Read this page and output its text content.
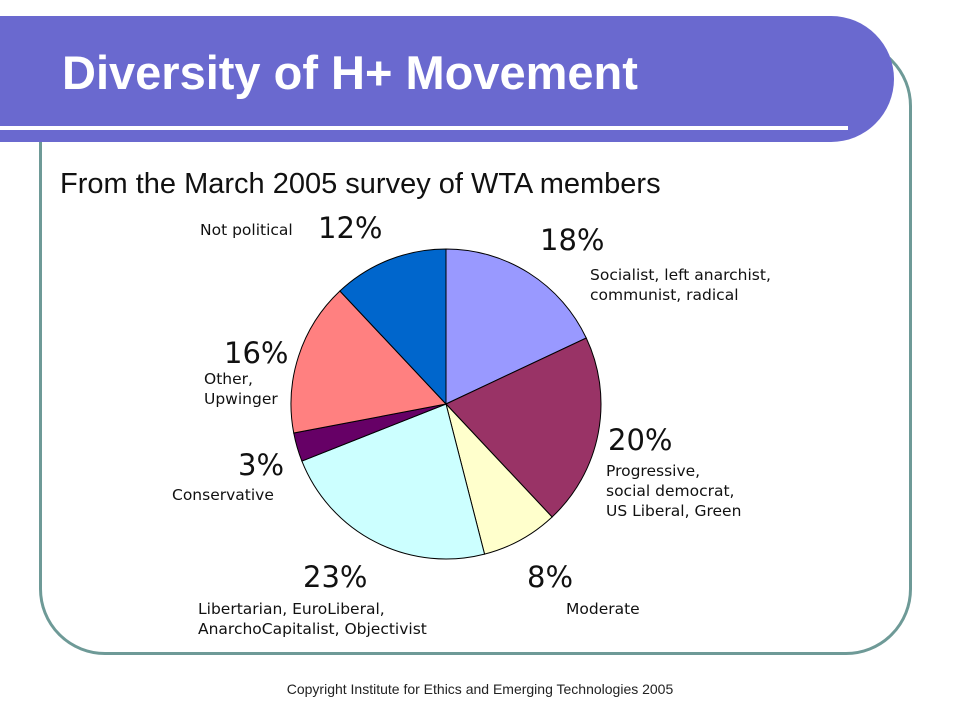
Diversity of H+ Movement

From the March 2005 survey of WTA members

18%
Socialist, left anarchist,
communist, radical
20%
Progressive,
social democrat,
US Liberal, Green
8%
Moderate
23%
Libertarian, EuroLiberal,
AnarchoCapitalist, Objectivist
3%
Conservative
16%
Other,
Upwinger
12%
Not political
Copyright Institute for Ethics and Emerging Technologies 2005
